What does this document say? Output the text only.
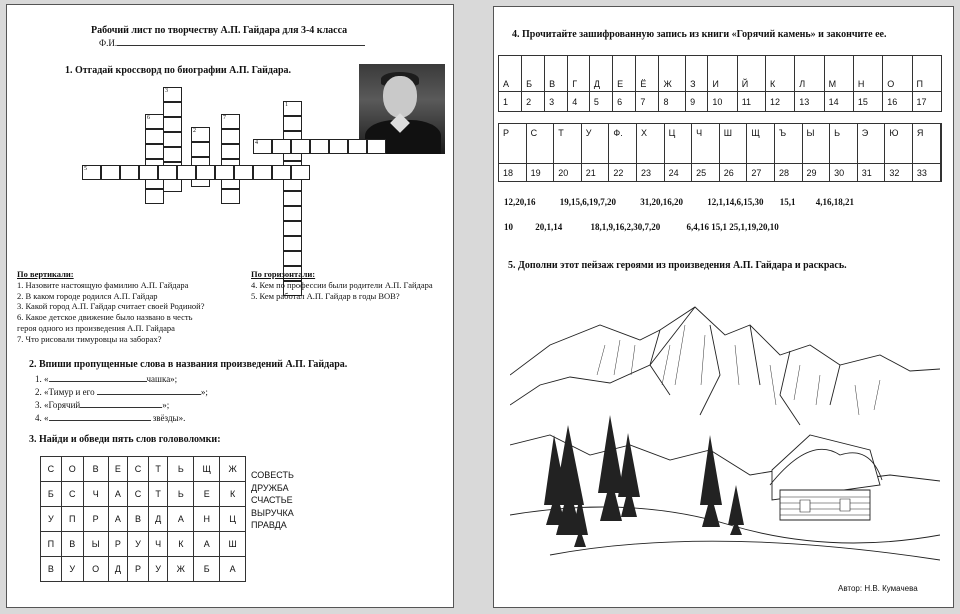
Рабочий лист по творчеству А.П. Гайдара для 3-4 класса
Ф.И.
1. Отгадай кроссворд по биографии А.П. Гайдара.
3
6
2
7
1
4
5
По вертикали:
1. Назовите настоящую фамилию А.П. Гайдара
2. В каком городе родился А.П. Гайдар
3. Какой город А.П. Гайдар считает своей Родиной?
6. Какое детское движение было названо в честь
героя одного из произведения А.П. Гайдара
7. Что рисовали тимуровцы на заборах?
По горизонтали:
4. Кем по профессии были родители А.П. Гайдара
5. Кем работал А.П. Гайдар в годы ВОВ?
2. Впиши пропущенные слова в названия произведений А.П. Гайдара.
1. «	чашка»;
2. «Тимур и его	»;
3. «Горячий	»;
4. «	звёзды».
3. Найди и обведи пять слов головоломки:
С	О	В	Е	С	Т	Ь	Щ	Ж
Б	С	Ч	А	С	Т	Ь	Е	К
У	П	Р	А	В	Д	А	Н	Ц
П	В	Ы	Р	У	Ч	К	А	Ш
В	У	О	Д	Р	У	Ж	Б	А
СОВЕСТЬ
ДРУЖБА
СЧАСТЬЕ
ВЫРУЧКА
ПРАВДА
4. Прочитайте зашифрованную запись из книги «Горячий камень» и закончите ее.
А	Б	В	Г	Д	Е	Ё	Ж	З	И	Й	К	Л	М	Н	О	П
1	2	3	4	5	6	7	8	9	10	11	12	13	14	15	16	17
Р	С	Т	У	Ф.	Х	Ц	Ч	Ш	Щ	Ъ	Ы	Ь	Э	Ю	Я	
18	19	20	21	22	23	24	25	26	27	28	29	30	31	32	33	
12,20,16	19,15,6,19,7,20	31,20,16,20	12,1,14,6,15,30 15,1 4,16,18,21
10 20,1,14	18,1,9,16,2,30,7,20	6,4,16 15,1 25,1,19,20,10
5. Дополни этот пейзаж героями из произведения А.П. Гайдара и раскрась.
Автор: Н.В. Кумачева
